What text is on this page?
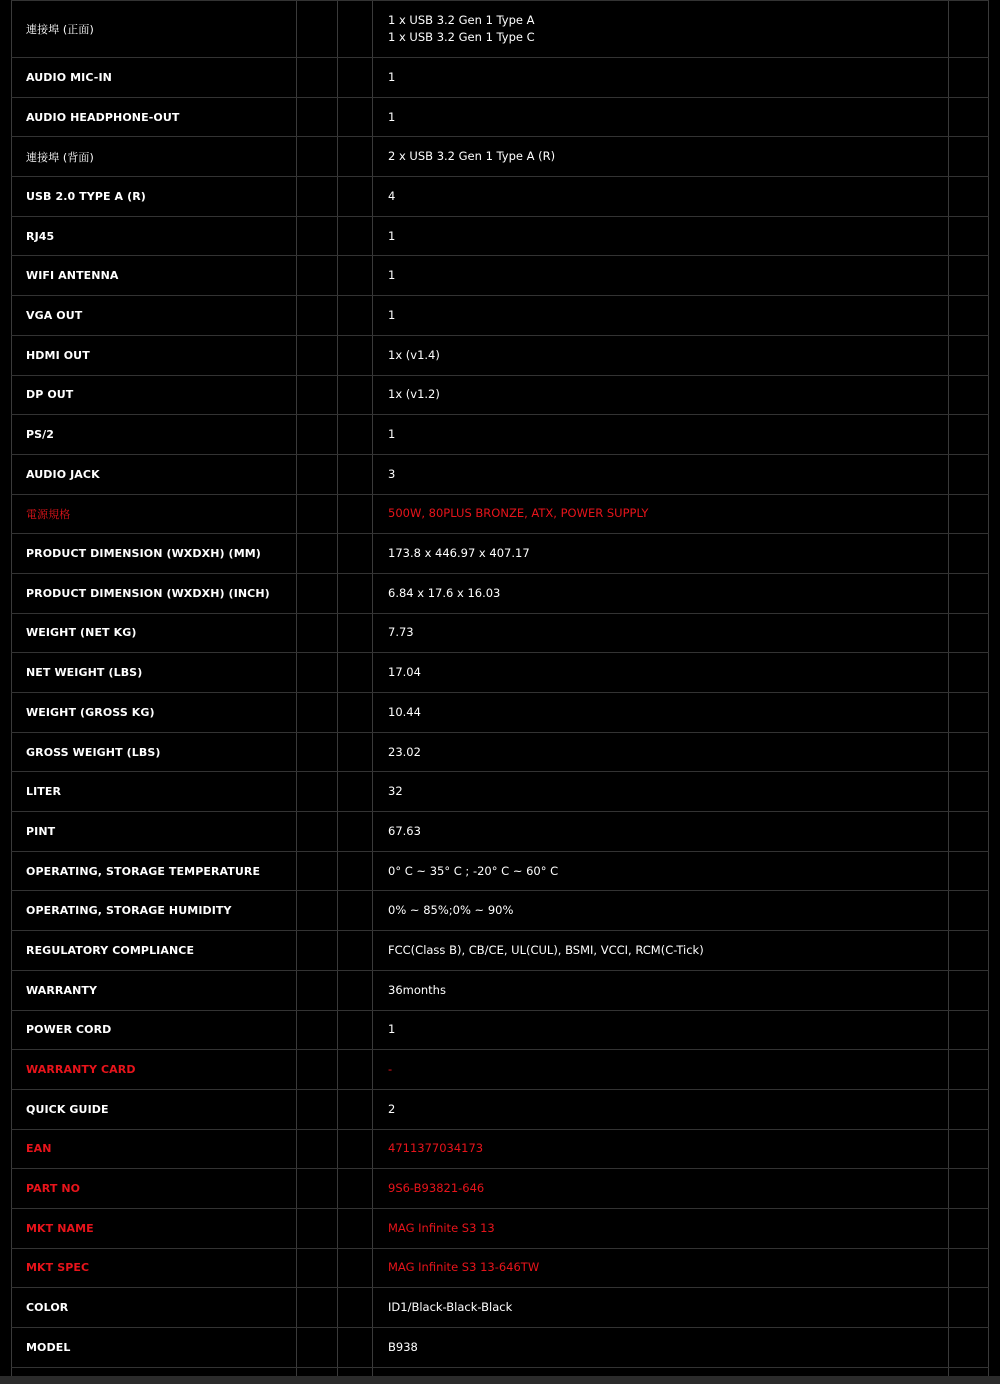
連接埠 (正面)			1 x USB 3.2 Gen 1 Type A
1 x USB 3.2 Gen 1 Type C	

AUDIO MIC-IN			1	
AUDIO HEADPHONE-OUT			1	
連接埠 (背面)			2 x USB 3.2 Gen 1 Type A (R)	
USB 2.0 TYPE A (R)			4	
RJ45			1	
WIFI ANTENNA			1	
VGA OUT			1	
HDMI OUT			1x (v1.4)	
DP OUT			1x (v1.2)	
PS/2			1	
AUDIO JACK			3	
電源規格			500W, 80PLUS BRONZE, ATX, POWER SUPPLY	
PRODUCT DIMENSION (WXDXH) (MM)			173.8 x 446.97 x 407.17	
PRODUCT DIMENSION (WXDXH) (INCH)			6.84 x 17.6 x 16.03	
WEIGHT (NET KG)			7.73	
NET WEIGHT (LBS)			17.04	
WEIGHT (GROSS KG)			10.44	
GROSS WEIGHT (LBS)			23.02	
LITER			32	
PINT			67.63	
OPERATING, STORAGE TEMPERATURE			0° C ~ 35° C ; -20° C ~ 60° C	
OPERATING, STORAGE HUMIDITY			0% ~ 85%;0% ~ 90%	
REGULATORY COMPLIANCE			FCC(Class B), CB/CE, UL(CUL), BSMI, VCCI, RCM(C-Tick)	
WARRANTY			36months	
POWER CORD			1	
WARRANTY CARD			-	
QUICK GUIDE			2	
EAN			4711377034173	
PART NO			9S6-B93821-646	
MKT NAME			MAG Infinite S3 13	
MKT SPEC			MAG Infinite S3 13-646TW	
COLOR			ID1/Black-Black-Black	
MODEL			B938	
